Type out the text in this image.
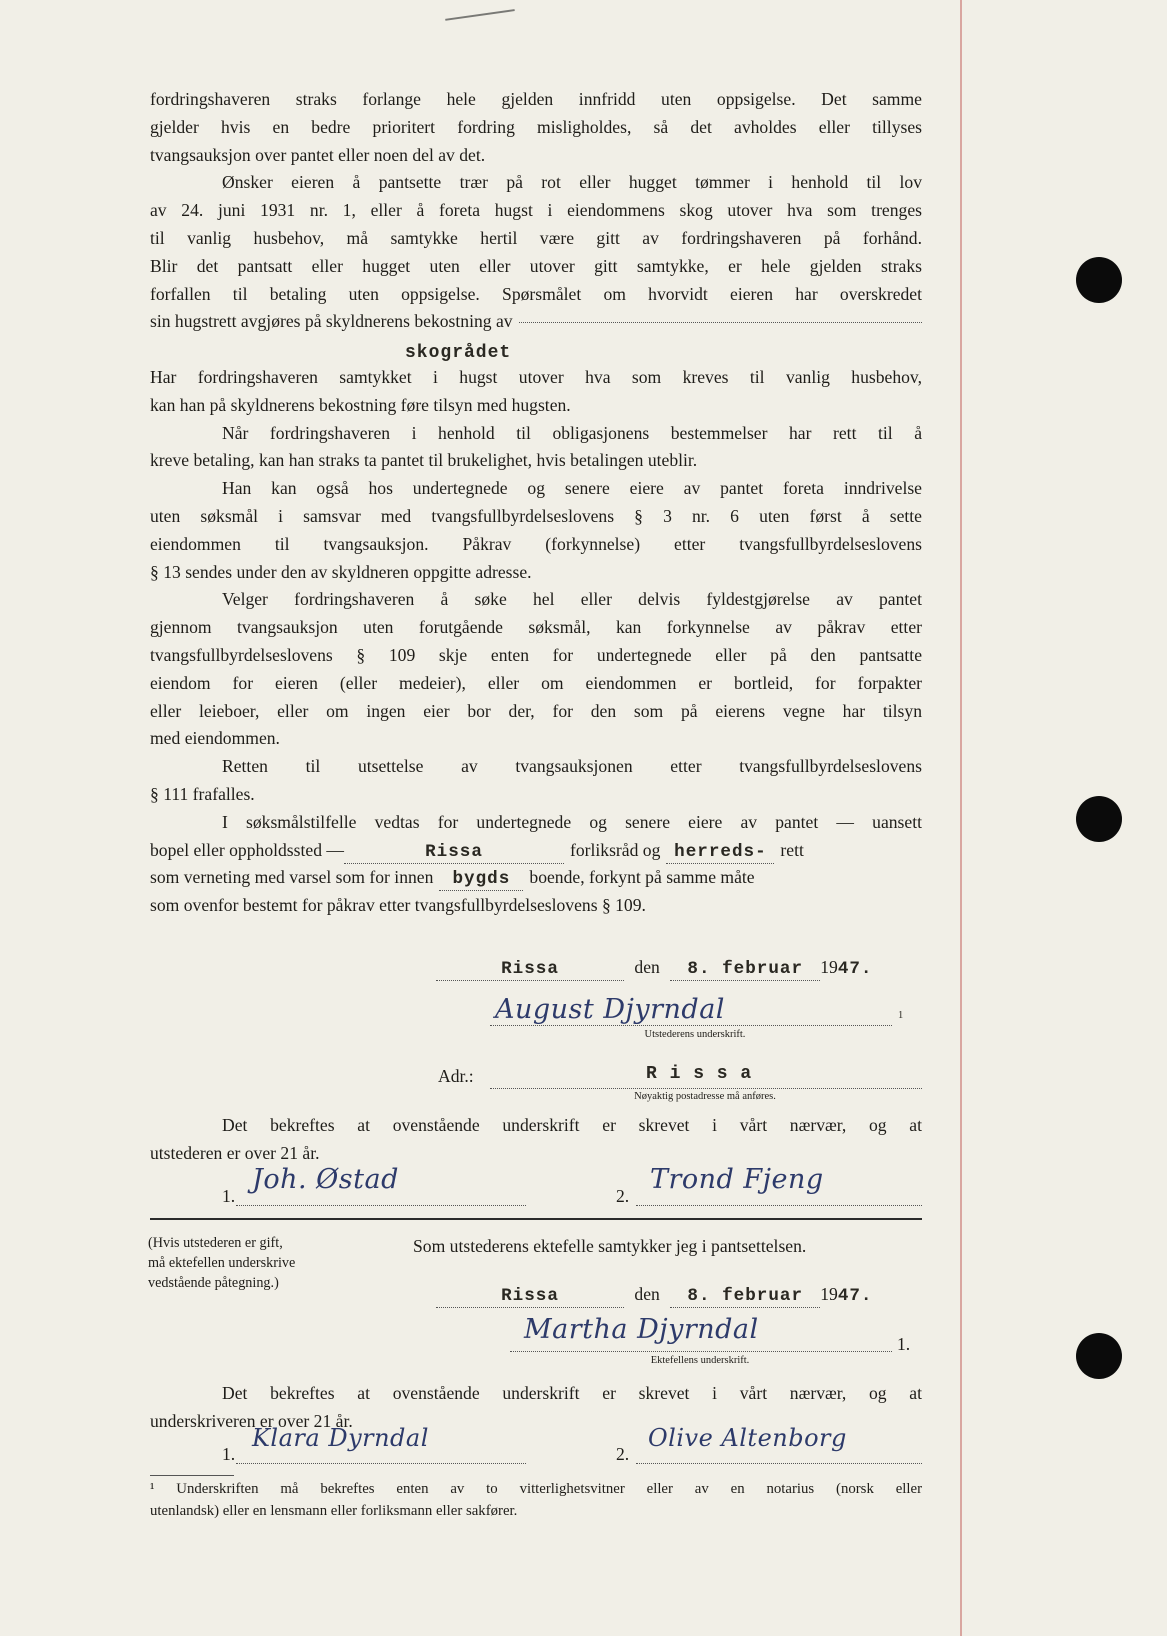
fordringshaveren straks forlange hele gjelden innfridd uten oppsigelse. Det samme

gjelder hvis en bedre prioritert fordring misligholdes, så det avholdes eller tillyses

tvangsauksjon over pantet eller noen del av det.

Ønsker eieren å pantsette trær på rot eller hugget tømmer i henhold til lov

av 24. juni 1931 nr. 1, eller å foreta hugst i eiendommens skog utover hva som trenges

til vanlig husbehov, må samtykke hertil være gitt av fordringshaveren på forhånd.

Blir det pantsatt eller hugget uten eller utover gitt samtykke, er hele gjelden straks

forfallen til betaling uten oppsigelse. Spørsmålet om hvorvidt eieren har overskredet

sin hugstrett avgjøres på skyldnerens bekostning av
skogrådet

Har fordringshaveren samtykket i hugst utover hva som kreves til vanlig husbehov,

kan han på skyldnerens bekostning føre tilsyn med hugsten.

Når fordringshaveren i henhold til obligasjonens bestemmelser har rett til å

kreve betaling, kan han straks ta pantet til brukelighet, hvis betalingen uteblir.

Han kan også hos undertegnede og senere eiere av pantet foreta inndrivelse

uten søksmål i samsvar med tvangsfullbyrdelseslovens § 3 nr. 6 uten først å sette

eiendommen til tvangsauksjon. Påkrav (forkynnelse) etter tvangsfullbyrdelseslovens

§ 13 sendes under den av skyldneren oppgitte adresse.

Velger fordringshaveren å søke hel eller delvis fyldestgjørelse av pantet

gjennom tvangsauksjon uten forutgående søksmål, kan forkynnelse av påkrav etter

tvangsfullbyrdelseslovens § 109 skje enten for undertegnede eller på den pantsatte

eiendom for eieren (eller medeier), eller om eiendommen er bortleid, for forpakter

eller leieboer, eller om ingen eier bor der, for den som på eierens vegne har tilsyn

med eiendommen.

Retten til utsettelse av tvangsauksjonen etter tvangsfullbyrdelseslovens

§ 111 frafalles.

I søksmålstilfelle vedtas for undertegnede og senere eiere av pantet — uansett

bopel eller oppholdssted —	Rissa	forliksråd og herreds- rett
som verneting med varsel som for innen	bygds	boende, forkynt på samme måte

som ovenfor bestemt for påkrav etter tvangsfullbyrdelseslovens § 109.

Rissa	den 8. februar 1947.
August Djyrndal	1
Utstederens underskrift.
Adr.:	R i s s a
Nøyaktig postadresse må anføres.

Det bekreftes at ovenstående underskrift er skrevet i vårt nærvær, og at

utstederen er over 21 år.

1.
Joh. Østad
2.
Trond Fjeng
(Hvis utstederen er gift,
må ektefellen underskrive
vedstående påtegning.)
Som utstederens ektefelle samtykker jeg i pantsettelsen.
Rissa	den 8. februar 1947.
Martha Djyrndal	1.
Ektefellens underskrift.

Det bekreftes at ovenstående underskrift er skrevet i vårt nærvær, og at

underskriveren er over 21 år.

1.
Klara Dyrndal
2.
Olive Altenborg

¹ Underskriften må bekreftes enten av to vitterlighetsvitner eller av en notarius (norsk eller

utenlandsk) eller en lensmann eller forliksmann eller sakfører.
